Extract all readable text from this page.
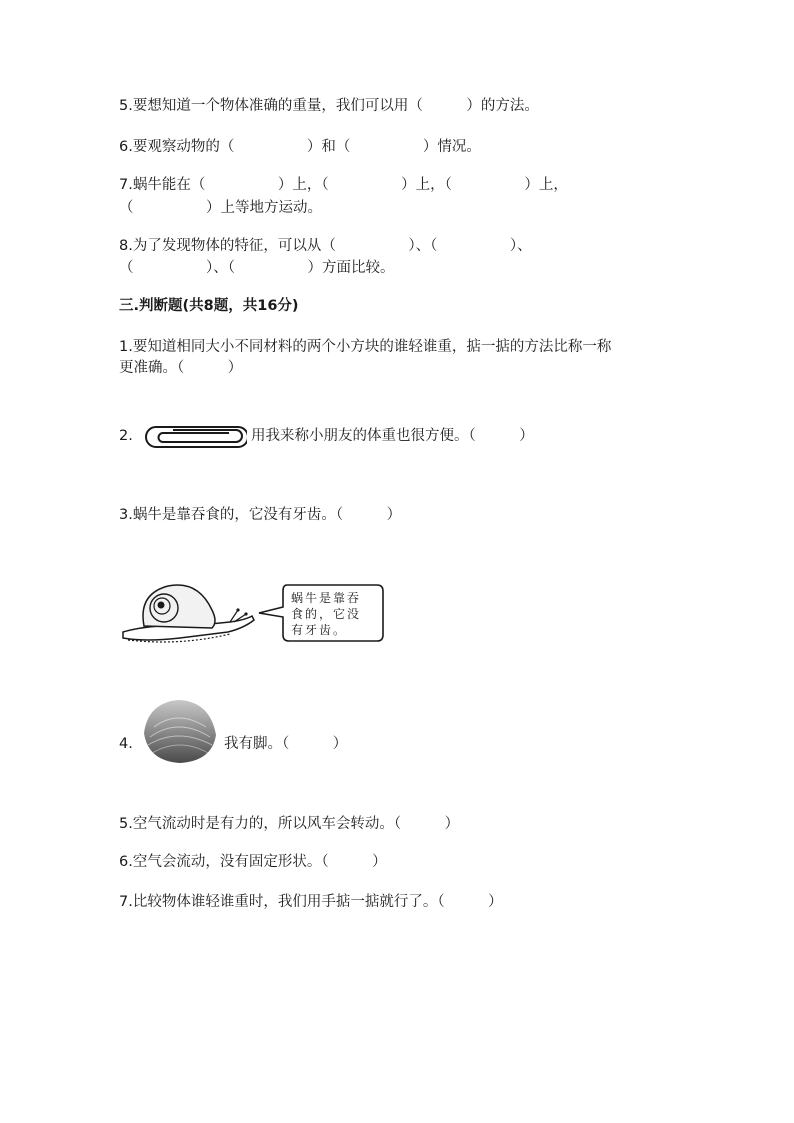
5.要想知道一个物体准确的重量，我们可以用（　　　）的方法。
6.要观察动物的（　　　　　）和（　　　　　）情况。
7.蜗牛能在（　　　　　）上，（　　　　　）上，（　　　　　）上，
（　　　　　）上等地方运动。
8.为了发现物体的特征，可以从（　　　　　）、（　　　　　）、
（　　　　　）、（　　　　　）方面比较。
三.判断题(共8题，共16分)
1.要知道相同大小不同材料的两个小方块的谁轻谁重，掂一掂的方法比称一称
更准确。（　　　）
2.	用我来称小朋友的体重也很方便。（　　　）
3.蜗牛是靠吞食的，它没有牙齿。（　　　）
蜗牛是靠吞
食的，它没
有牙齿。
4.	我有脚。（　　　）
5.空气流动时是有力的，所以风车会转动。（　　　）
6.空气会流动，没有固定形状。（　　　）
7.比较物体谁轻谁重时，我们用手掂一掂就行了。（　　　）
